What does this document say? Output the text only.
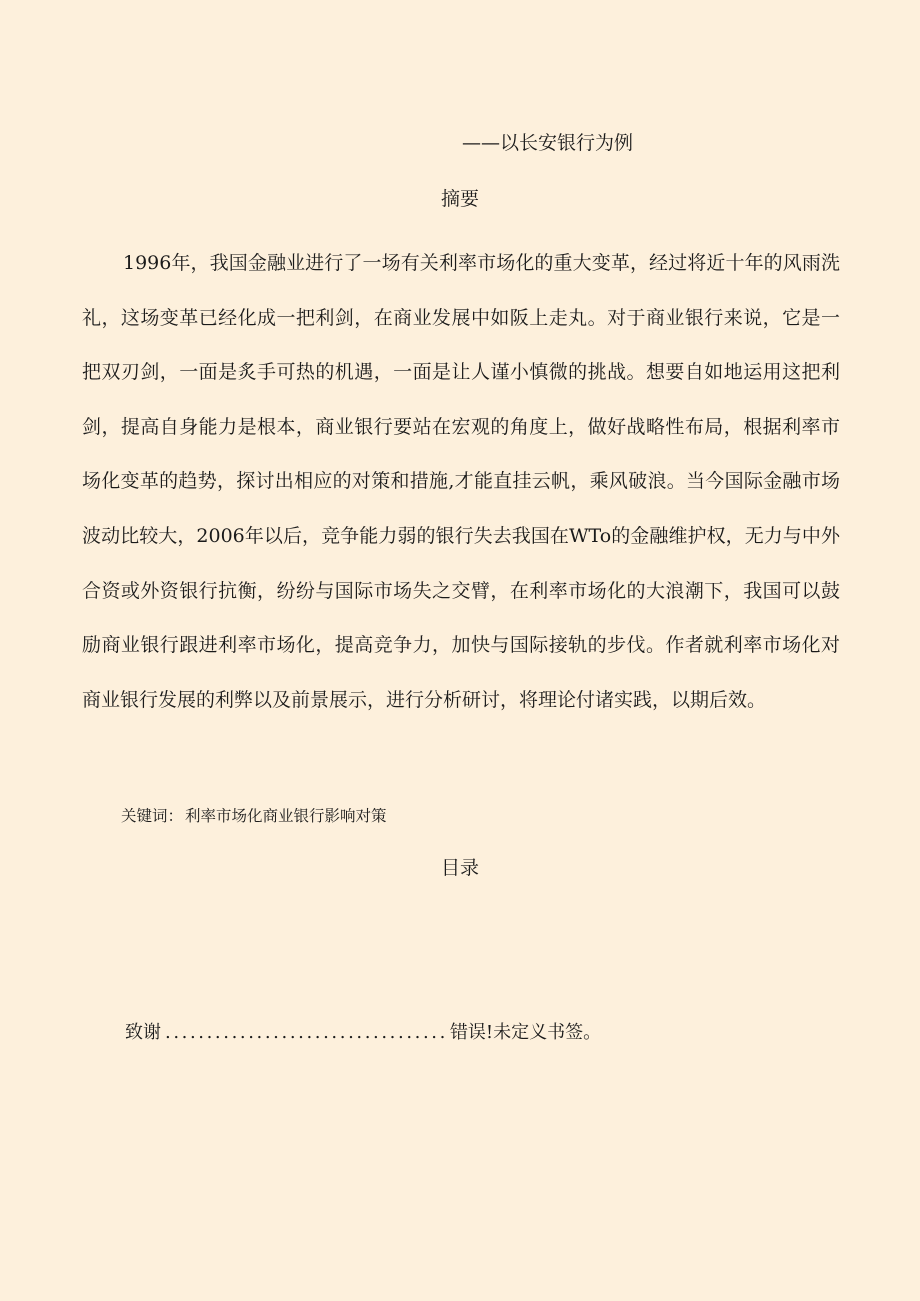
——以长安银行为例
摘要

1996年，我国金融业进行了一场有关利率市场化的重大变革，经过将近十年的风雨洗礼，这场变革已经化成一把利剑，在商业发展中如阪上走丸。对于商业银行来说，它是一把双刃剑，一面是炙手可热的机遇，一面是让人谨小慎微的挑战。想要自如地运用这把利剑，提高自身能力是根本，商业银行要站在宏观的角度上，做好战略性布局，根据利率市场化变革的趋势，探讨出相应的对策和措施,才能直挂云帆，乘风破浪。当今国际金融市场波动比较大，2006年以后，竞争能力弱的银行失去我国在WTo的金融维护权，无力与中外合资或外资银行抗衡，纷纷与国际市场失之交臂，在利率市场化的大浪潮下，我国可以鼓励商业银行跟进利率市场化，提高竞争力，加快与国际接轨的步伐。作者就利率市场化对商业银行发展的利弊以及前景展示，进行分析研讨，将理论付诸实践，以期后效。

关键词： 利率市场化商业银行影响对策
目录
致谢 .................................. 错误!未定义书签。
